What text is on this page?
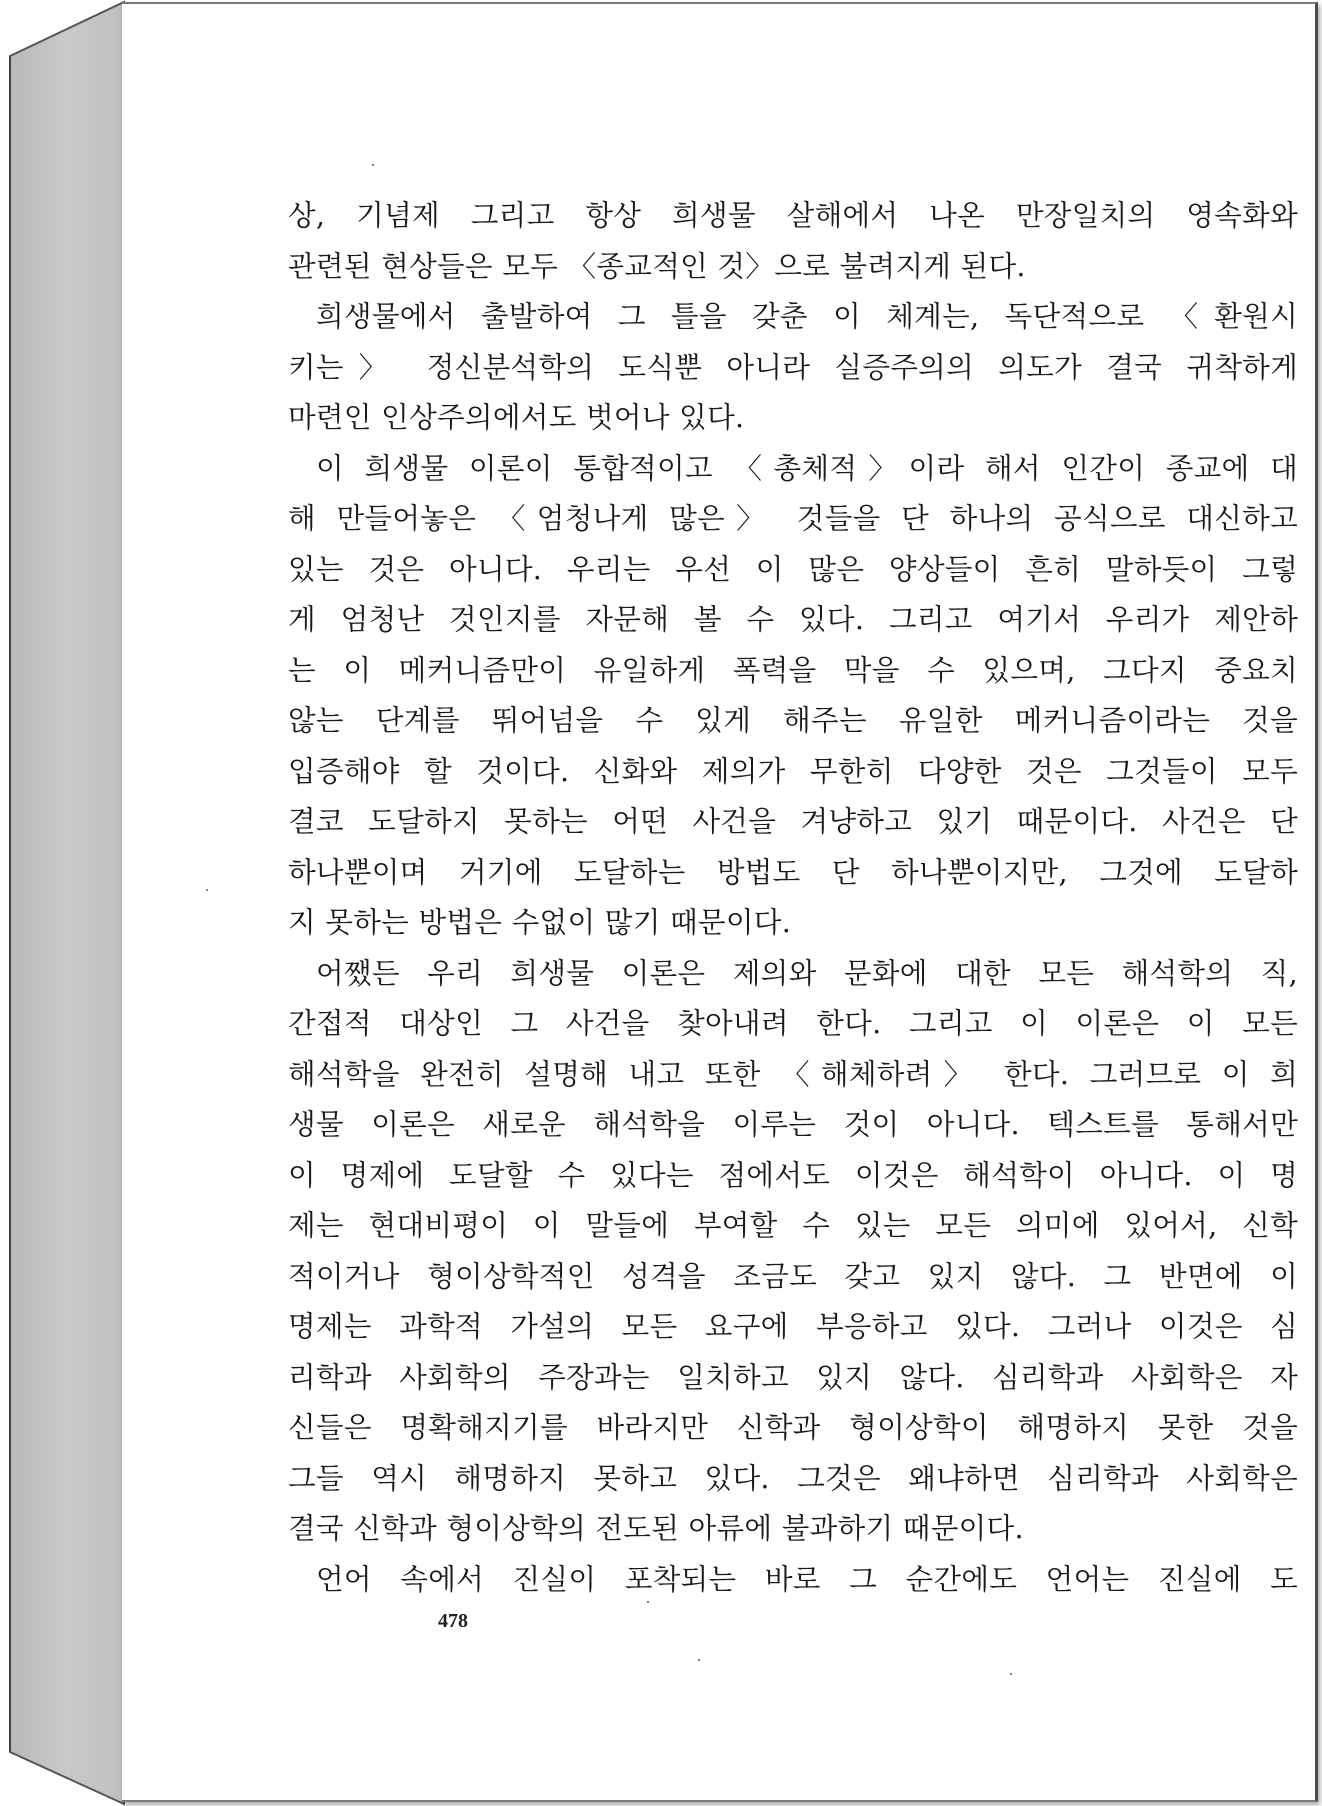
상, 기념제 그리고 항상 희생물 살해에서 나온 만장일치의 영속화와
관련된 현상들은 모두 〈종교적인 것〉으로 불려지게 된다.
희생물에서 출발하여 그 틀을 갖춘 이 체계는, 독단적으로 〈환원시
키는〉 정신분석학의 도식뿐 아니라 실증주의의 의도가 결국 귀착하게
마련인 인상주의에서도 벗어나 있다.
이 희생물 이론이 통합적이고 〈총체적〉이라 해서 인간이 종교에 대
해 만들어놓은 〈엄청나게 많은〉 것들을 단 하나의 공식으로 대신하고
있는 것은 아니다. 우리는 우선 이 많은 양상들이 흔히 말하듯이 그렇
게 엄청난 것인지를 자문해 볼 수 있다. 그리고 여기서 우리가 제안하
는 이 메커니즘만이 유일하게 폭력을 막을 수 있으며, 그다지 중요치
않는 단계를 뛰어넘을 수 있게 해주는 유일한 메커니즘이라는 것을
입증해야 할 것이다. 신화와 제의가 무한히 다양한 것은 그것들이 모두
결코 도달하지 못하는 어떤 사건을 겨냥하고 있기 때문이다. 사건은 단
하나뿐이며 거기에 도달하는 방법도 단 하나뿐이지만, 그것에 도달하
지 못하는 방법은 수없이 많기 때문이다.
어쨌든 우리 희생물 이론은 제의와 문화에 대한 모든 해석학의 직,
간접적 대상인 그 사건을 찾아내려 한다. 그리고 이 이론은 이 모든
해석학을 완전히 설명해 내고 또한 〈해체하려〉 한다. 그러므로 이 희
생물 이론은 새로운 해석학을 이루는 것이 아니다. 텍스트를 통해서만
이 명제에 도달할 수 있다는 점에서도 이것은 해석학이 아니다. 이 명
제는 현대비평이 이 말들에 부여할 수 있는 모든 의미에 있어서, 신학
적이거나 형이상학적인 성격을 조금도 갖고 있지 않다. 그 반면에 이
명제는 과학적 가설의 모든 요구에 부응하고 있다. 그러나 이것은 심
리학과 사회학의 주장과는 일치하고 있지 않다. 심리학과 사회학은 자
신들은 명확해지기를 바라지만 신학과 형이상학이 해명하지 못한 것을
그들 역시 해명하지 못하고 있다. 그것은 왜냐하면 심리학과 사회학은
결국 신학과 형이상학의 전도된 아류에 불과하기 때문이다.
언어 속에서 진실이 포착되는 바로 그 순간에도 언어는 진실에 도
478
